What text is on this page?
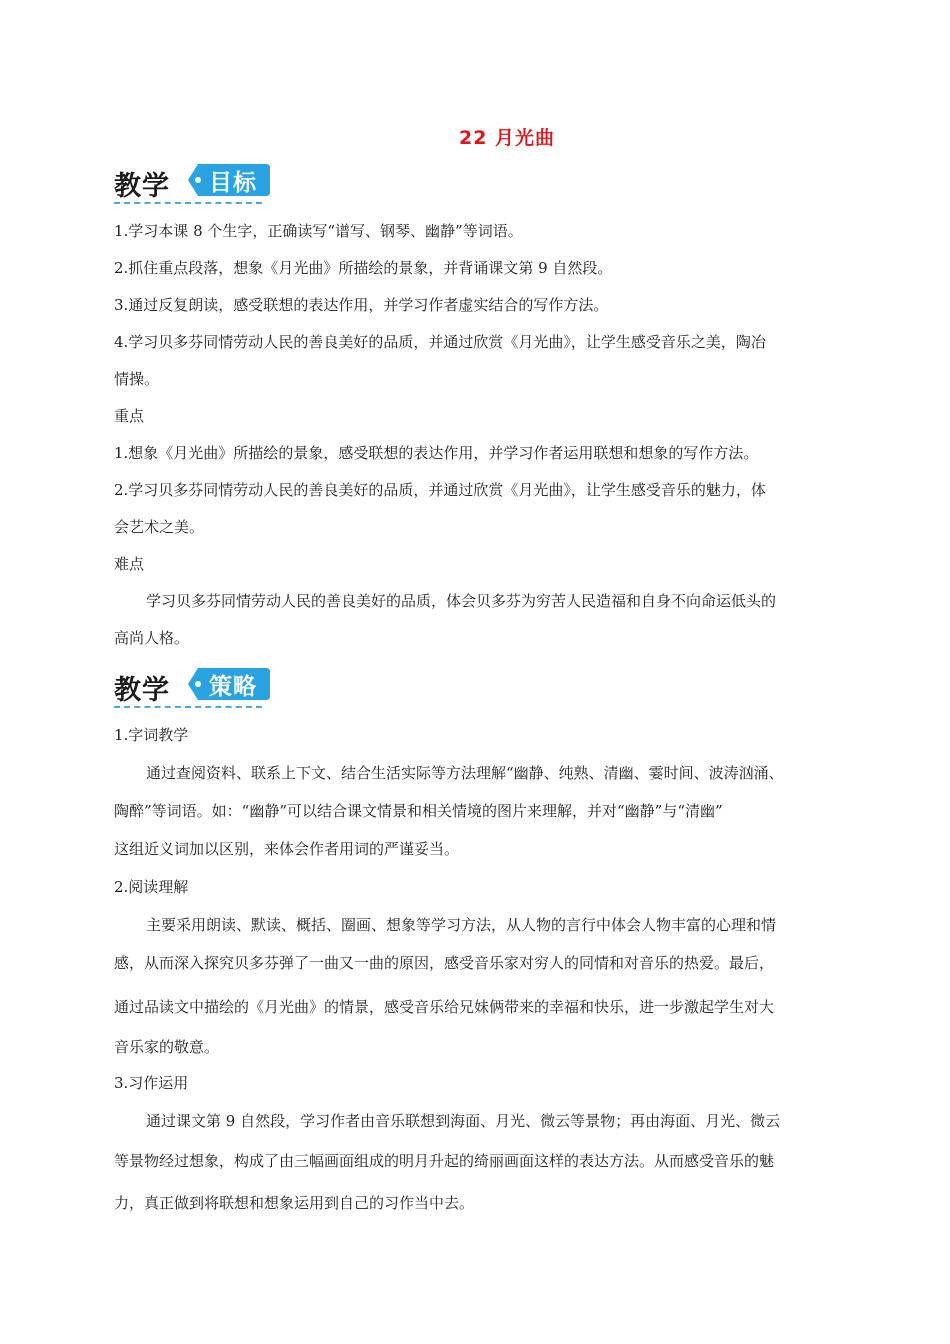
22 月光曲
教学	目标
1.学习本课 8 个生字，正确读写“谱写、钢琴、幽静”等词语。
2.抓住重点段落，想象《月光曲》所描绘的景象，并背诵课文第 9 自然段。
3.通过反复朗读，感受联想的表达作用，并学习作者虚实结合的写作方法。
4.学习贝多芬同情劳动人民的善良美好的品质，并通过欣赏《月光曲》，让学生感受音乐之美，陶冶
情操。
重点
1.想象《月光曲》所描绘的景象，感受联想的表达作用，并学习作者运用联想和想象的写作方法。
2.学习贝多芬同情劳动人民的善良美好的品质，并通过欣赏《月光曲》，让学生感受音乐的魅力，体
会艺术之美。
难点
学习贝多芬同情劳动人民的善良美好的品质，体会贝多芬为穷苦人民造福和自身不向命运低头的
高尚人格。
教学	策略
1.字词教学
通过查阅资料、联系上下文、结合生活实际等方法理解“幽静、纯熟、清幽、霎时间、波涛汹涌、
陶醉”等词语。如：“幽静”可以结合课文情景和相关情境的图片来理解，并对“幽静”与“清幽”
这组近义词加以区别，来体会作者用词的严谨妥当。
2.阅读理解
主要采用朗读、默读、概括、圈画、想象等学习方法，从人物的言行中体会人物丰富的心理和情
感，从而深入探究贝多芬弹了一曲又一曲的原因，感受音乐家对穷人的同情和对音乐的热爱。最后，
通过品读文中描绘的《月光曲》的情景，感受音乐给兄妹俩带来的幸福和快乐，进一步激起学生对大
音乐家的敬意。
3.习作运用
通过课文第 9 自然段，学习作者由音乐联想到海面、月光、微云等景物；再由海面、月光、微云
等景物经过想象，构成了由三幅画面组成的明月升起的绮丽画面这样的表达方法。从而感受音乐的魅
力，真正做到将联想和想象运用到自己的习作当中去。
